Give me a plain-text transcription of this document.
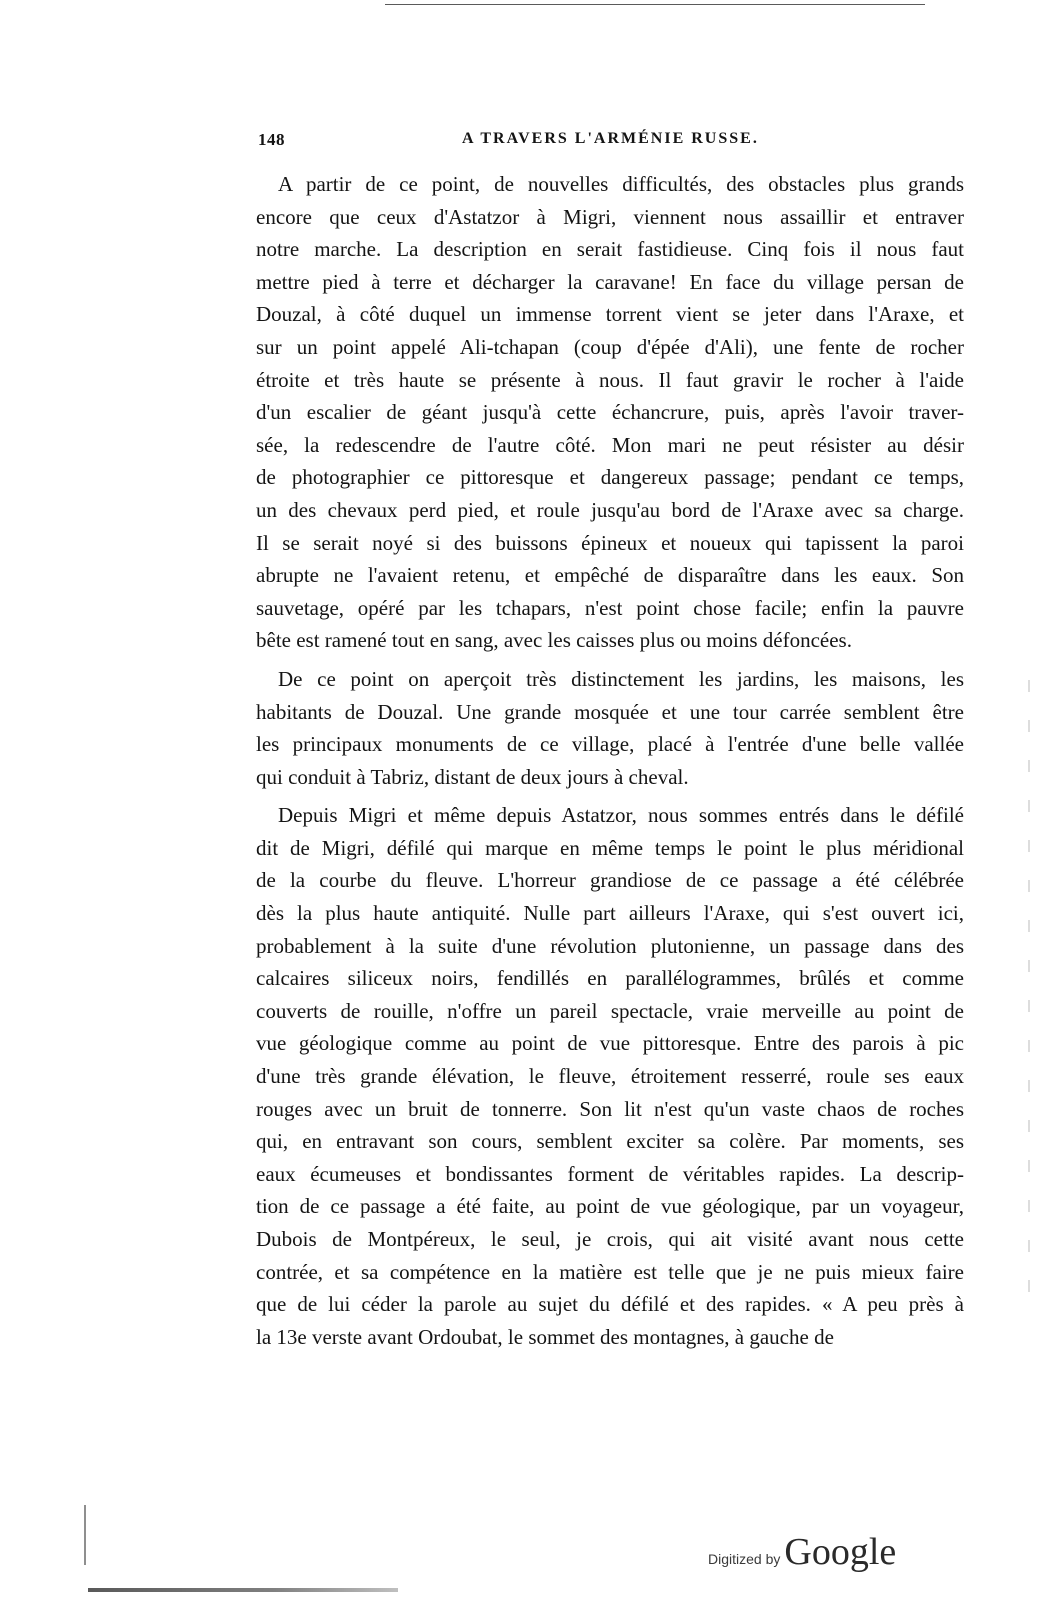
148	A TRAVERS L'ARMÉNIE RUSSE.
A partir de ce point, de nouvelles difficultés, des obstacles plus grands
encore que ceux d'Astatzor à Migri, viennent nous assaillir et entraver
notre marche. La description en serait fastidieuse. Cinq fois il nous faut
mettre pied à terre et décharger la caravane! En face du village persan de
Douzal, à côté duquel un immense torrent vient se jeter dans l'Araxe, et
sur un point appelé Ali-tchapan (coup d'épée d'Ali), une fente de rocher
étroite et très haute se présente à nous. Il faut gravir le rocher à l'aide
d'un escalier de géant jusqu'à cette échancrure, puis, après l'avoir traver-
sée, la redescendre de l'autre côté. Mon mari ne peut résister au désir
de photographier ce pittoresque et dangereux passage; pendant ce temps,
un des chevaux perd pied, et roule jusqu'au bord de l'Araxe avec sa charge.
Il se serait noyé si des buissons épineux et noueux qui tapissent la paroi
abrupte ne l'avaient retenu, et empêché de disparaître dans les eaux. Son
sauvetage, opéré par les tchapars, n'est point chose facile; enfin la pauvre
bête est ramené tout en sang, avec les caisses plus ou moins défoncées.
De ce point on aperçoit très distinctement les jardins, les maisons, les
habitants de Douzal. Une grande mosquée et une tour carrée semblent être
les principaux monuments de ce village, placé à l'entrée d'une belle vallée
qui conduit à Tabriz, distant de deux jours à cheval.
Depuis Migri et même depuis Astatzor, nous sommes entrés dans le défilé
dit de Migri, défilé qui marque en même temps le point le plus méridional
de la courbe du fleuve. L'horreur grandiose de ce passage a été célébrée
dès la plus haute antiquité. Nulle part ailleurs l'Araxe, qui s'est ouvert ici,
probablement à la suite d'une révolution plutonienne, un passage dans des
calcaires siliceux noirs, fendillés en parallélogrammes, brûlés et comme
couverts de rouille, n'offre un pareil spectacle, vraie merveille au point de
vue géologique comme au point de vue pittoresque. Entre des parois à pic
d'une très grande élévation, le fleuve, étroitement resserré, roule ses eaux
rouges avec un bruit de tonnerre. Son lit n'est qu'un vaste chaos de roches
qui, en entravant son cours, semblent exciter sa colère. Par moments, ses
eaux écumeuses et bondissantes forment de véritables rapides. La descrip-
tion de ce passage a été faite, au point de vue géologique, par un voyageur,
Dubois de Montpéreux, le seul, je crois, qui ait visité avant nous cette
contrée, et sa compétence en la matière est telle que je ne puis mieux faire
que de lui céder la parole au sujet du défilé et des rapides. « A peu près à
la 13e verste avant Ordoubat, le sommet des montagnes, à gauche de
Digitized by Google
